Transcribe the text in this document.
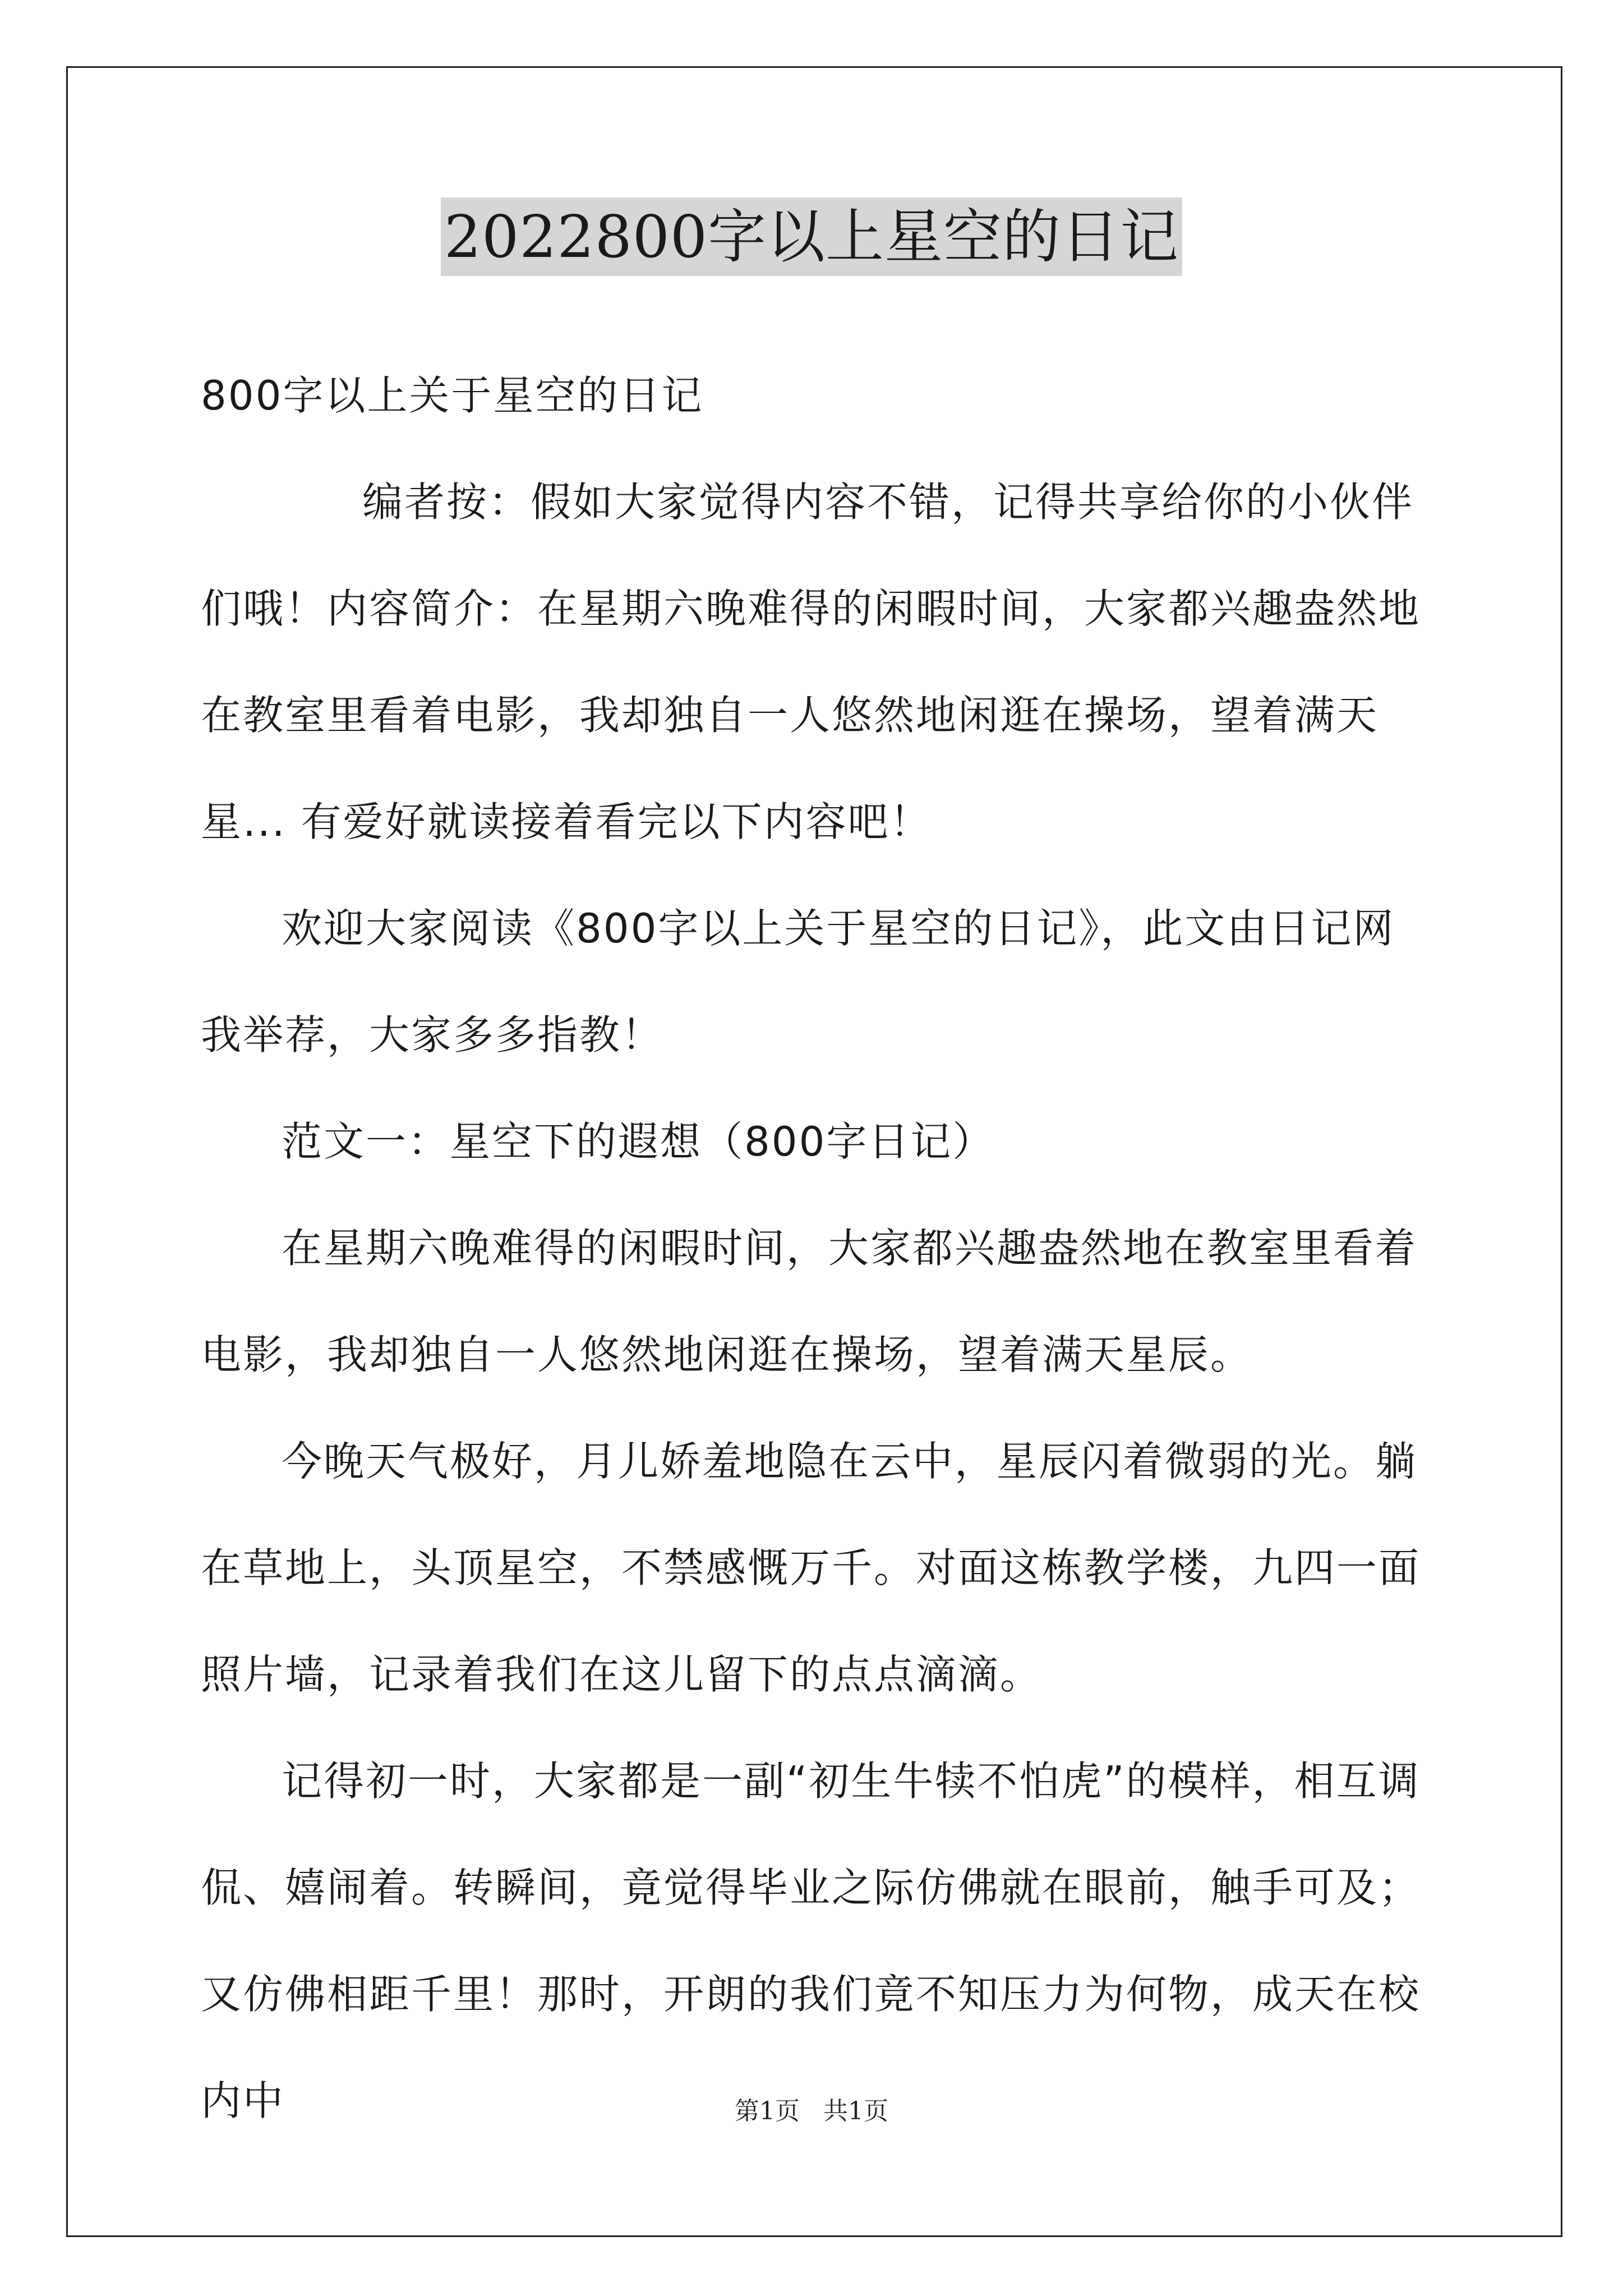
2022800字以上星空的日记

800字以上关于星空的日记

编者按：假如大家觉得内容不错，记得共享给你的小伙伴们哦！内容简介：在星期六晚难得的闲暇时间，大家都兴趣盎然地在教室里看着电影，我却独自一人悠然地闲逛在操场，望着满天星... 有爱好就读接着看完以下内容吧！

欢迎大家阅读《800字以上关于星空的日记》，此文由日记网我举荐，大家多多指教！

范文一：星空下的遐想（800字日记）

在星期六晚难得的闲暇时间，大家都兴趣盎然地在教室里看着电影，我却独自一人悠然地闲逛在操场，望着满天星辰。

今晚天气极好，月儿娇羞地隐在云中，星辰闪着微弱的光。躺在草地上，头顶星空，不禁感慨万千。对面这栋教学楼，九四一面照片墙，记录着我们在这儿留下的点点滴滴。

记得初一时，大家都是一副“初生牛犊不怕虎”的模样，相互调侃、嬉闹着。转瞬间，竟觉得毕业之际仿佛就在眼前，触手可及；又仿佛相距千里！那时，开朗的我们竟不知压力为何物，成天在校内中	第1页   共1页
